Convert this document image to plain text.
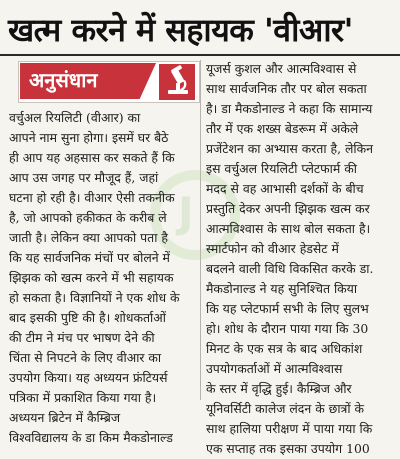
खत्म करने में सहायक 'वीआर'
अनुसंधान
J
वर्चुअल रियलिटी (वीआर) का
आपने नाम सुना होगा। इसमें घर बैठे
ही आप यह अहसास कर सकते हैं कि
आप उस जगह पर मौजूद हैं, जहां
घटना हो रही है। वीआर ऐसी तकनीक
है, जो आपको हकीकत के करीब ले
जाती है। लेकिन क्या आपको पता है
कि यह सार्वजनिक मंचों पर बोलने में
झिझक को खत्म करने में भी सहायक
हो सकता है। विज्ञानियों ने एक शोध के
बाद इसकी पुष्टि की है। शोधकर्ताओं
की टीम ने मंच पर भाषण देने की
चिंता से निपटने के लिए वीआर का
उपयोग किया। यह अध्ययन फ्रंटियर्स
पत्रिका में प्रकाशित किया गया है।
अध्ययन ब्रिटेन में कैम्ब्रिज
विश्वविद्यालय के डा किम मैकडोनाल्ड
यूजर्स कुशल और आत्मविश्वास से
साथ सार्वजनिक तौर पर बोल सकता
है। डा मैकडोनाल्ड ने कहा कि सामान्य
तौर में एक शख्स बेडरूम में अकेले
प्रजेंटेशन का अभ्यास करता है, लेकिन
इस वर्चुअल रियलिटी प्लेटफार्म की
मदद से वह आभासी दर्शकों के बीच
प्रस्तुति देकर अपनी झिझक खत्म कर
आत्मविश्वास के साथ बोल सकता है।
स्मार्टफोन को वीआर हेडसेट में
बदलने वाली विधि विकसित करके डा.
मैकडोनाल्ड ने यह सुनिश्चित किया
कि यह प्लेटफार्म सभी के लिए सुलभ
हो। शोध के दौरान पाया गया कि 30
मिनट के एक सत्र के बाद अधिकांश
उपयोगकर्ताओं में आत्मविश्वास
के स्तर में वृद्धि हुई। कैम्ब्रिज और
यूनिवर्सिटी कालेज लंदन के छात्रों के
साथ हालिया परीक्षण में पाया गया कि
एक सप्ताह तक इसका उपयोग 100
